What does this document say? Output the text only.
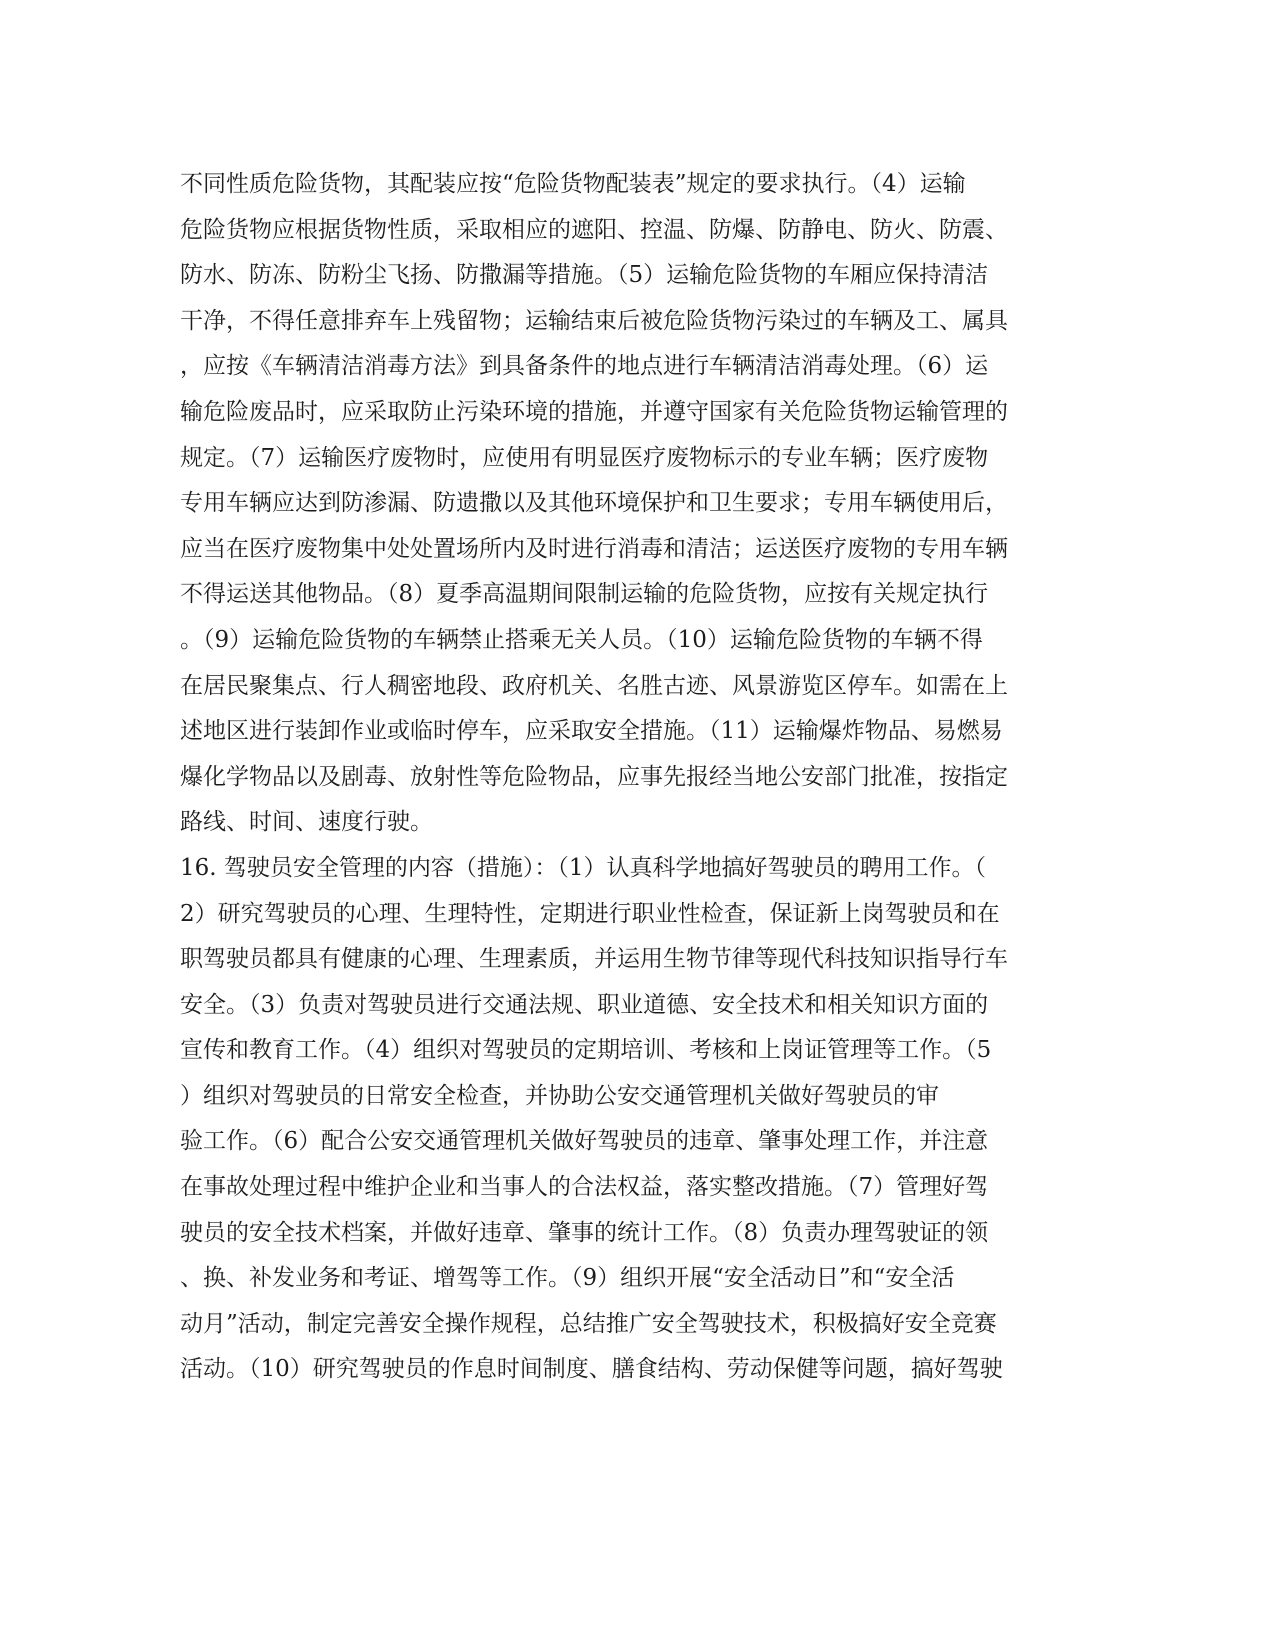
不同性质危险货物，其配装应按“危险货物配装表”规定的要求执行。（4）运输
危险货物应根据货物性质，采取相应的遮阳、控温、防爆、防静电、防火、防震、
防水、防冻、防粉尘飞扬、防撒漏等措施。（5）运输危险货物的车厢应保持清洁
干净，不得任意排弃车上残留物；运输结束后被危险货物污染过的车辆及工、属具
，应按《车辆清洁消毒方法》到具备条件的地点进行车辆清洁消毒处理。（6）运
输危险废品时，应采取防止污染环境的措施，并遵守国家有关危险货物运输管理的
规定。（7）运输医疗废物时，应使用有明显医疗废物标示的专业车辆；医疗废物
专用车辆应达到防渗漏、防遗撒以及其他环境保护和卫生要求；专用车辆使用后，
应当在医疗废物集中处处置场所内及时进行消毒和清洁；运送医疗废物的专用车辆
不得运送其他物品。（8）夏季高温期间限制运输的危险货物，应按有关规定执行
。（9）运输危险货物的车辆禁止搭乘无关人员。（10）运输危险货物的车辆不得
在居民聚集点、行人稠密地段、政府机关、名胜古迹、风景游览区停车。如需在上
述地区进行装卸作业或临时停车，应采取安全措施。（11）运输爆炸物品、易燃易
爆化学物品以及剧毒、放射性等危险物品，应事先报经当地公安部门批准，按指定
路线、时间、速度行驶。
16. 驾驶员安全管理的内容（措施）：（1）认真科学地搞好驾驶员的聘用工作。（
2）研究驾驶员的心理、生理特性，定期进行职业性检查，保证新上岗驾驶员和在
职驾驶员都具有健康的心理、生理素质，并运用生物节律等现代科技知识指导行车
安全。（3）负责对驾驶员进行交通法规、职业道德、安全技术和相关知识方面的
宣传和教育工作。（4）组织对驾驶员的定期培训、考核和上岗证管理等工作。（5
）组织对驾驶员的日常安全检查，并协助公安交通管理机关做好驾驶员的审
验工作。（6）配合公安交通管理机关做好驾驶员的违章、肇事处理工作，并注意
在事故处理过程中维护企业和当事人的合法权益，落实整改措施。（7）管理好驾
驶员的安全技术档案，并做好违章、肇事的统计工作。（8）负责办理驾驶证的领
、换、补发业务和考证、增驾等工作。（9）组织开展“安全活动日”和“安全活
动月”活动，制定完善安全操作规程，总结推广安全驾驶技术，积极搞好安全竞赛
活动。（10）研究驾驶员的作息时间制度、膳食结构、劳动保健等问题，搞好驾驶
